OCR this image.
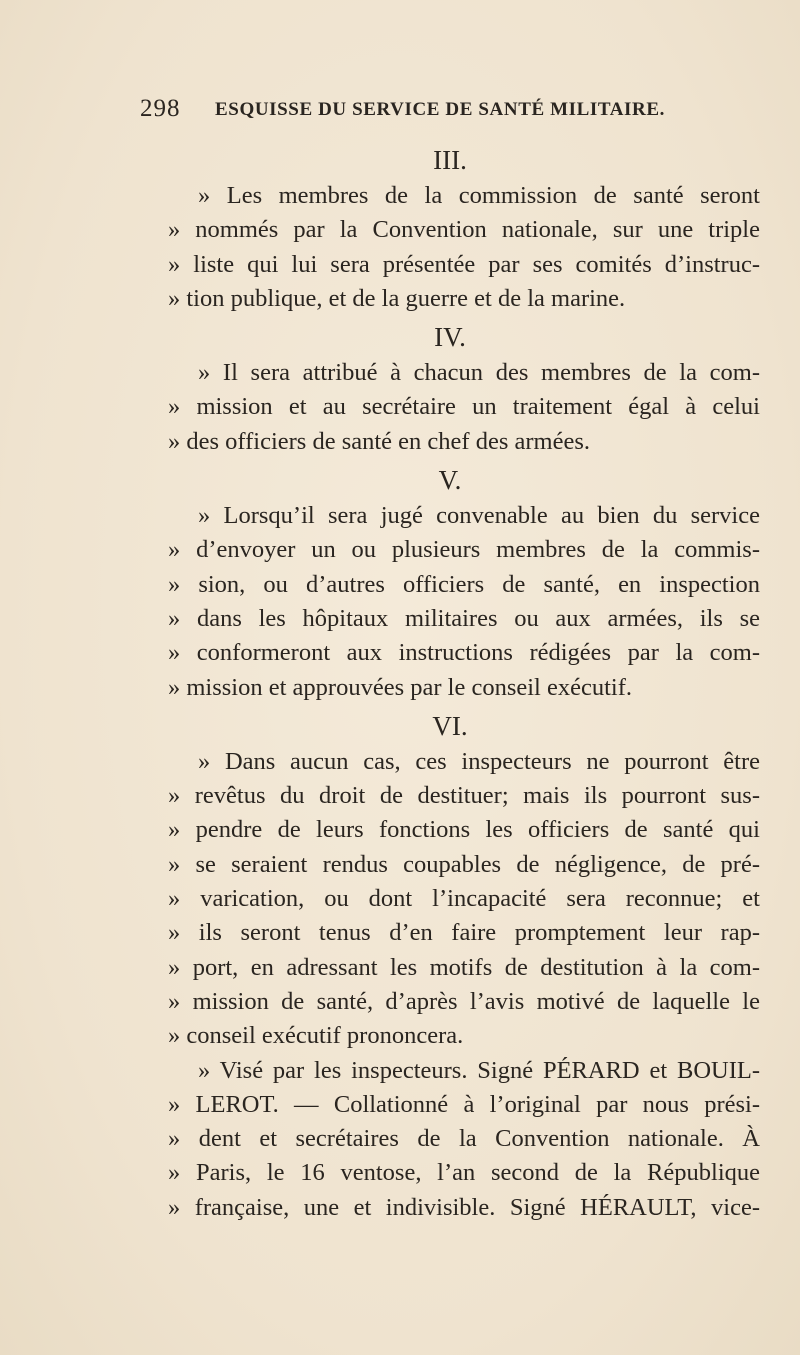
298 ESQUISSE DU SERVICE DE SANTÉ MILITAIRE.
III.
» Les membres de la commission de santé seront
» nommés par la Convention nationale, sur une triple
» liste qui lui sera présentée par ses comités d’instruc-
» tion publique, et de la guerre et de la marine.
IV.
» Il sera attribué à chacun des membres de la com-
» mission et au secrétaire un traitement égal à celui
» des officiers de santé en chef des armées.
V.
» Lorsqu’il sera jugé convenable au bien du service
» d’envoyer un ou plusieurs membres de la commis-
» sion, ou d’autres officiers de santé, en inspection
» dans les hôpitaux militaires ou aux armées, ils se
» conformeront aux instructions rédigées par la com-
» mission et approuvées par le conseil exécutif.
VI.
» Dans aucun cas, ces inspecteurs ne pourront être
» revêtus du droit de destituer; mais ils pourront sus-
» pendre de leurs fonctions les officiers de santé qui
» se seraient rendus coupables de négligence, de pré-
» varication, ou dont l’incapacité sera reconnue; et
» ils seront tenus d’en faire promptement leur rap-
» port, en adressant les motifs de destitution à la com-
» mission de santé, d’après l’avis motivé de laquelle le
» conseil exécutif prononcera.
» Visé par les inspecteurs. Signé PÉRARD et BOUIL-
» LEROT. — Collationné à l’original par nous prési-
» dent et secrétaires de la Convention nationale. À
» Paris, le 16 ventose, l’an second de la République
» française, une et indivisible. Signé HÉRAULT, vice-
